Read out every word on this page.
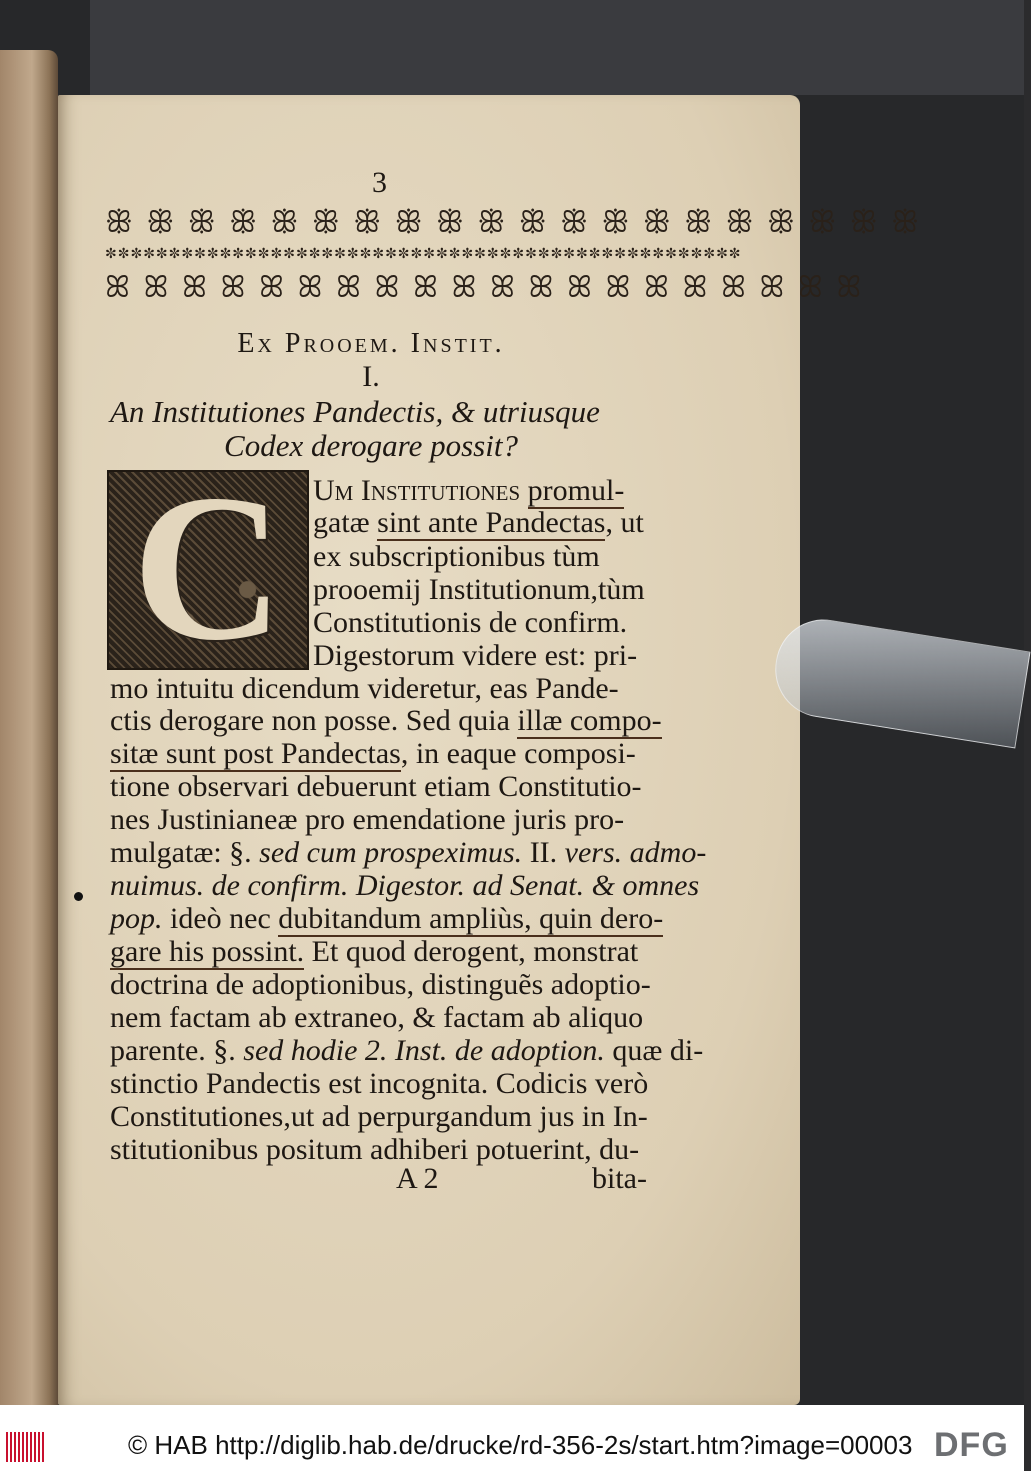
3
ꕥ ꕥ ꕥ ꕥ ꕥ ꕥ ꕥ ꕥ ꕥ ꕥ ꕥ ꕥ ꕥ ꕥ ꕥ ꕥ ꕥ ꕥ ꕥ ꕥ
✼✼✼✼✼✼✼✼✼✼✼✼✼✼✼✼✼✼✼✼✼✼✼✼✼✼✼✼✼✼✼✼✼✼✼✼✼✼✼✼✼✼✼✼✼✼✼✼✼✼
ꕤ ꕤ ꕤ ꕤ ꕤ ꕤ ꕤ ꕤ ꕤ ꕤ ꕤ ꕤ ꕤ ꕤ ꕤ ꕤ ꕤ ꕤ ꕤ ꕤ
Ex Prooem. Instit.
I.
An Institutiones Pandectis, & utriusque
Codex derogare possit?
C Um Institutiones promul-
gatæ sint ante Pandectas, ut
ex subscriptionibus tùm
prooemij Institutionum,tùm
Constitutionis de confirm.
Digestorum videre est: pri-
mo intuitu dicendum videretur, eas Pande-
ctis derogare non posse. Sed quia illæ compo-
sitæ sunt post Pandectas, in eaque composi-
tione observari debuerunt etiam Constitutio-
nes Justinianeæ pro emendatione juris pro-
mulgatæ: §. sed cum prospeximus. II. vers. admo-
nuimus. de confirm. Digestor. ad Senat. & omnes
pop. ideò nec dubitandum ampliùs, quin dero-
gare his possint. Et quod derogent, monstrat
doctrina de adoptionibus, distinguẽs adoptio-
nem factam ab extraneo, & factam ab aliquo
parente. §. sed hodie 2. Inst. de adoption. quæ di-
stinctio Pandectis est incognita. Codicis verò
Constitutiones,ut ad perpurgandum jus in In-
stitutionibus positum adhiberi potuerint, du-
A 2	bita-
© HAB http://diglib.hab.de/drucke/rd-356-2s/start.htm?image=00003 DFG
